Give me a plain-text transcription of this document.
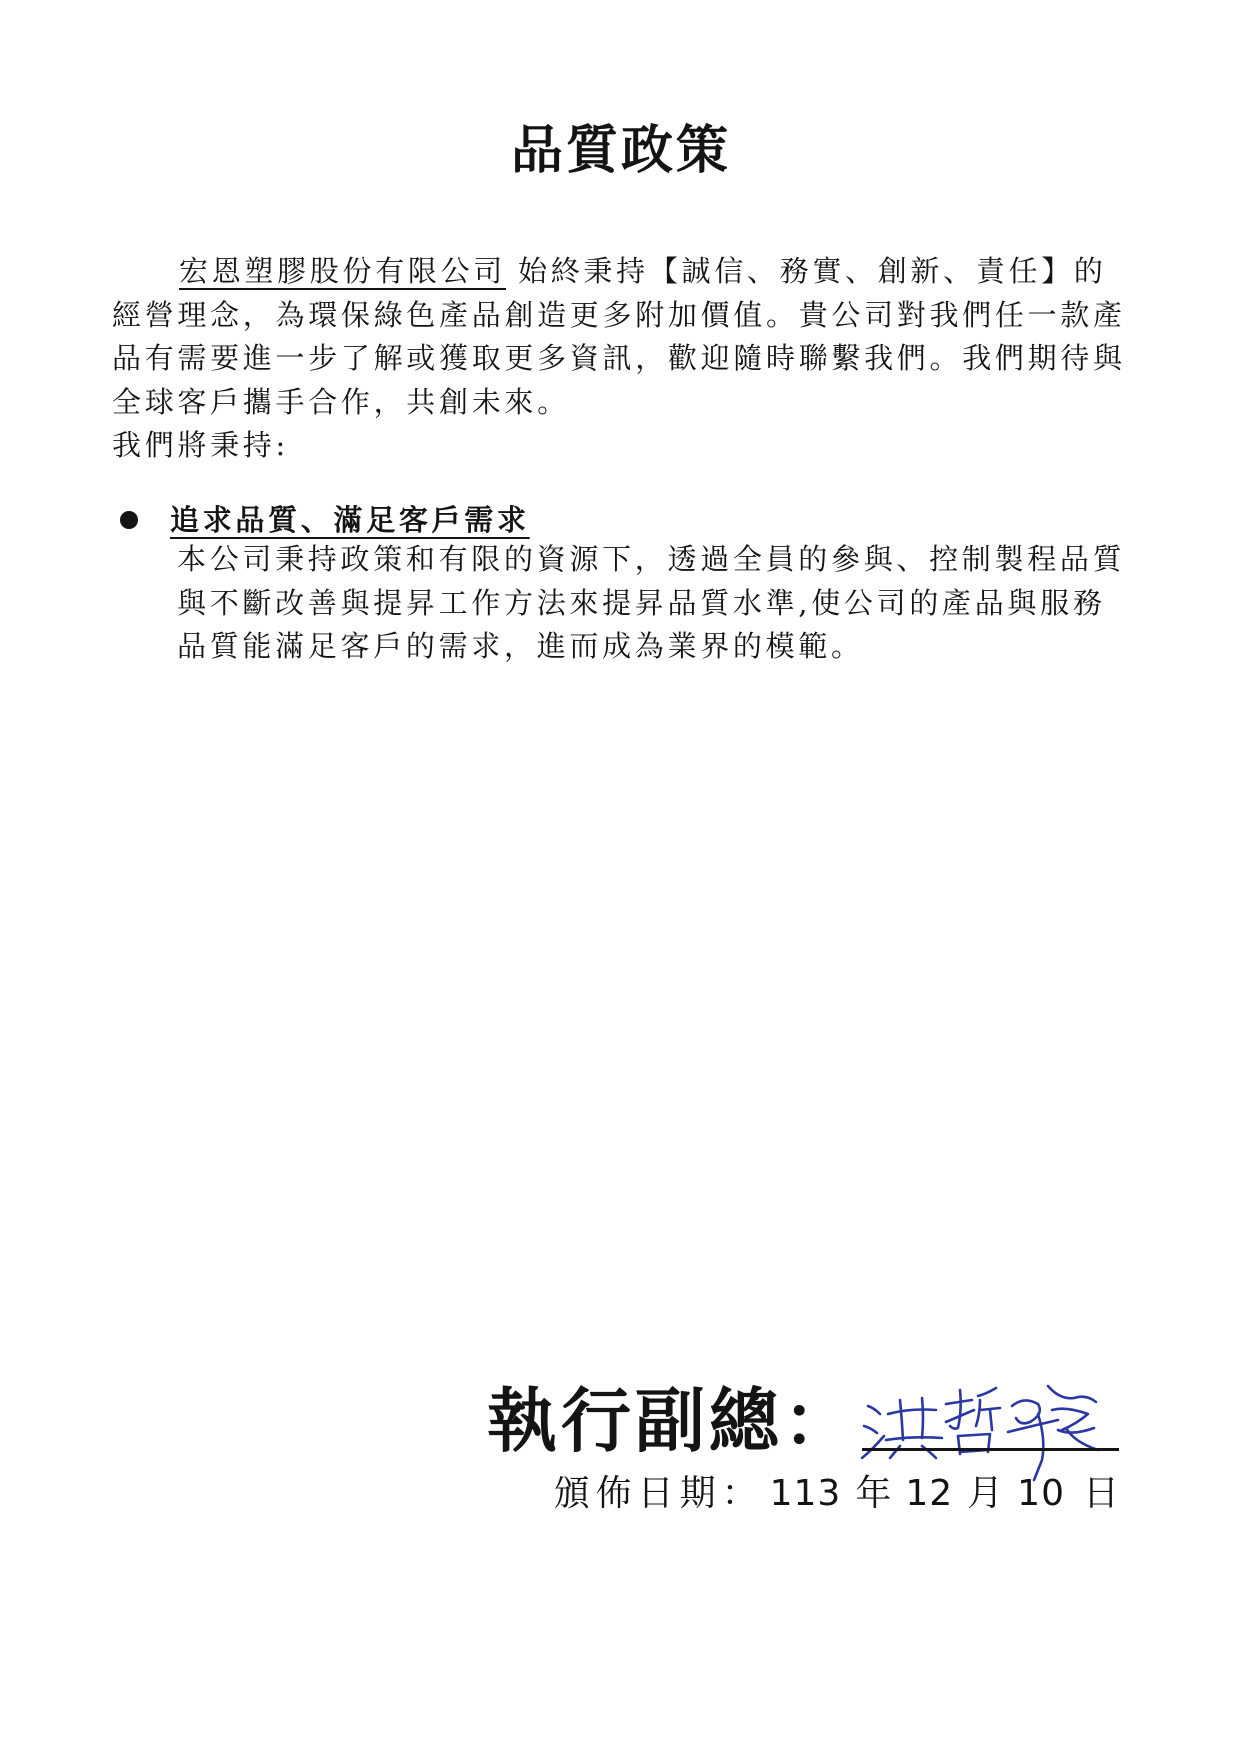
品質政策
宏恩塑膠股份有限公司 始終秉持【誠信、務實、創新、責任】的
經營理念，為環保綠色產品創造更多附加價值。貴公司對我們任一款產
品有需要進一步了解或獲取更多資訊，歡迎隨時聯繫我們。我們期待與
全球客戶攜手合作，共創未來。
我們將秉持:
追求品質、滿足客戶需求
本公司秉持政策和有限的資源下，透過全員的參與、控制製程品質
與不斷改善與提昇工作方法來提昇品質水準,使公司的產品與服務
品質能滿足客戶的需求，進而成為業界的模範。
執行副總：
頒佈日期： 113 年 12 月 10 日
